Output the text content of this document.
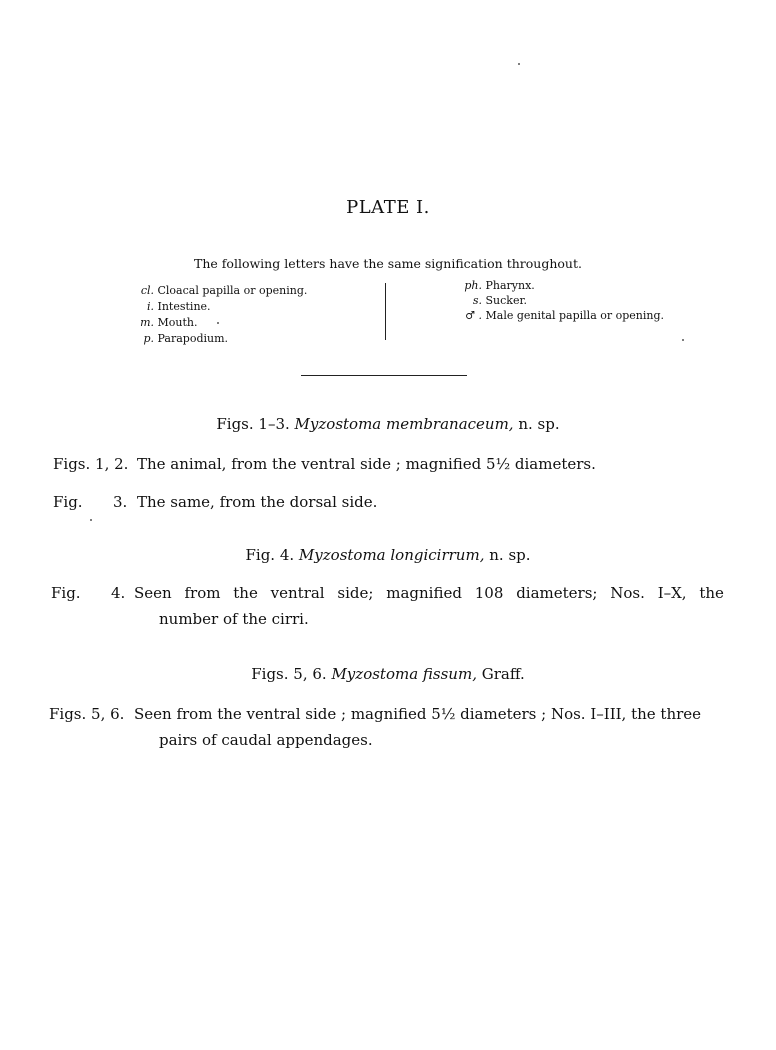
PLATE I.
The following letters have the same signification throughout.
cl. Cloacal papilla or opening.
i. Intestine.
m. Mouth.
p. Parapodium.
ph. Pharynx.
s. Sucker.
♂ . Male genital papilla or opening.
Figs. 1–3. Myzostoma membranaceum, n. sp.
Figs. 1, 2. The animal, from the ventral side ; magnified 5½ diameters.
Fig. 3. The same, from the dorsal side.
Fig. 4. Myzostoma longicirrum, n. sp.
Fig. 4. Seen from the ventral side; magnified 108 diameters; Nos. I–X, the
number of the cirri.
Figs. 5, 6. Myzostoma fissum, Graff.
Figs. 5, 6. Seen from the ventral side ; magnified 5½ diameters ; Nos. I–III, the three
pairs of caudal appendages.
